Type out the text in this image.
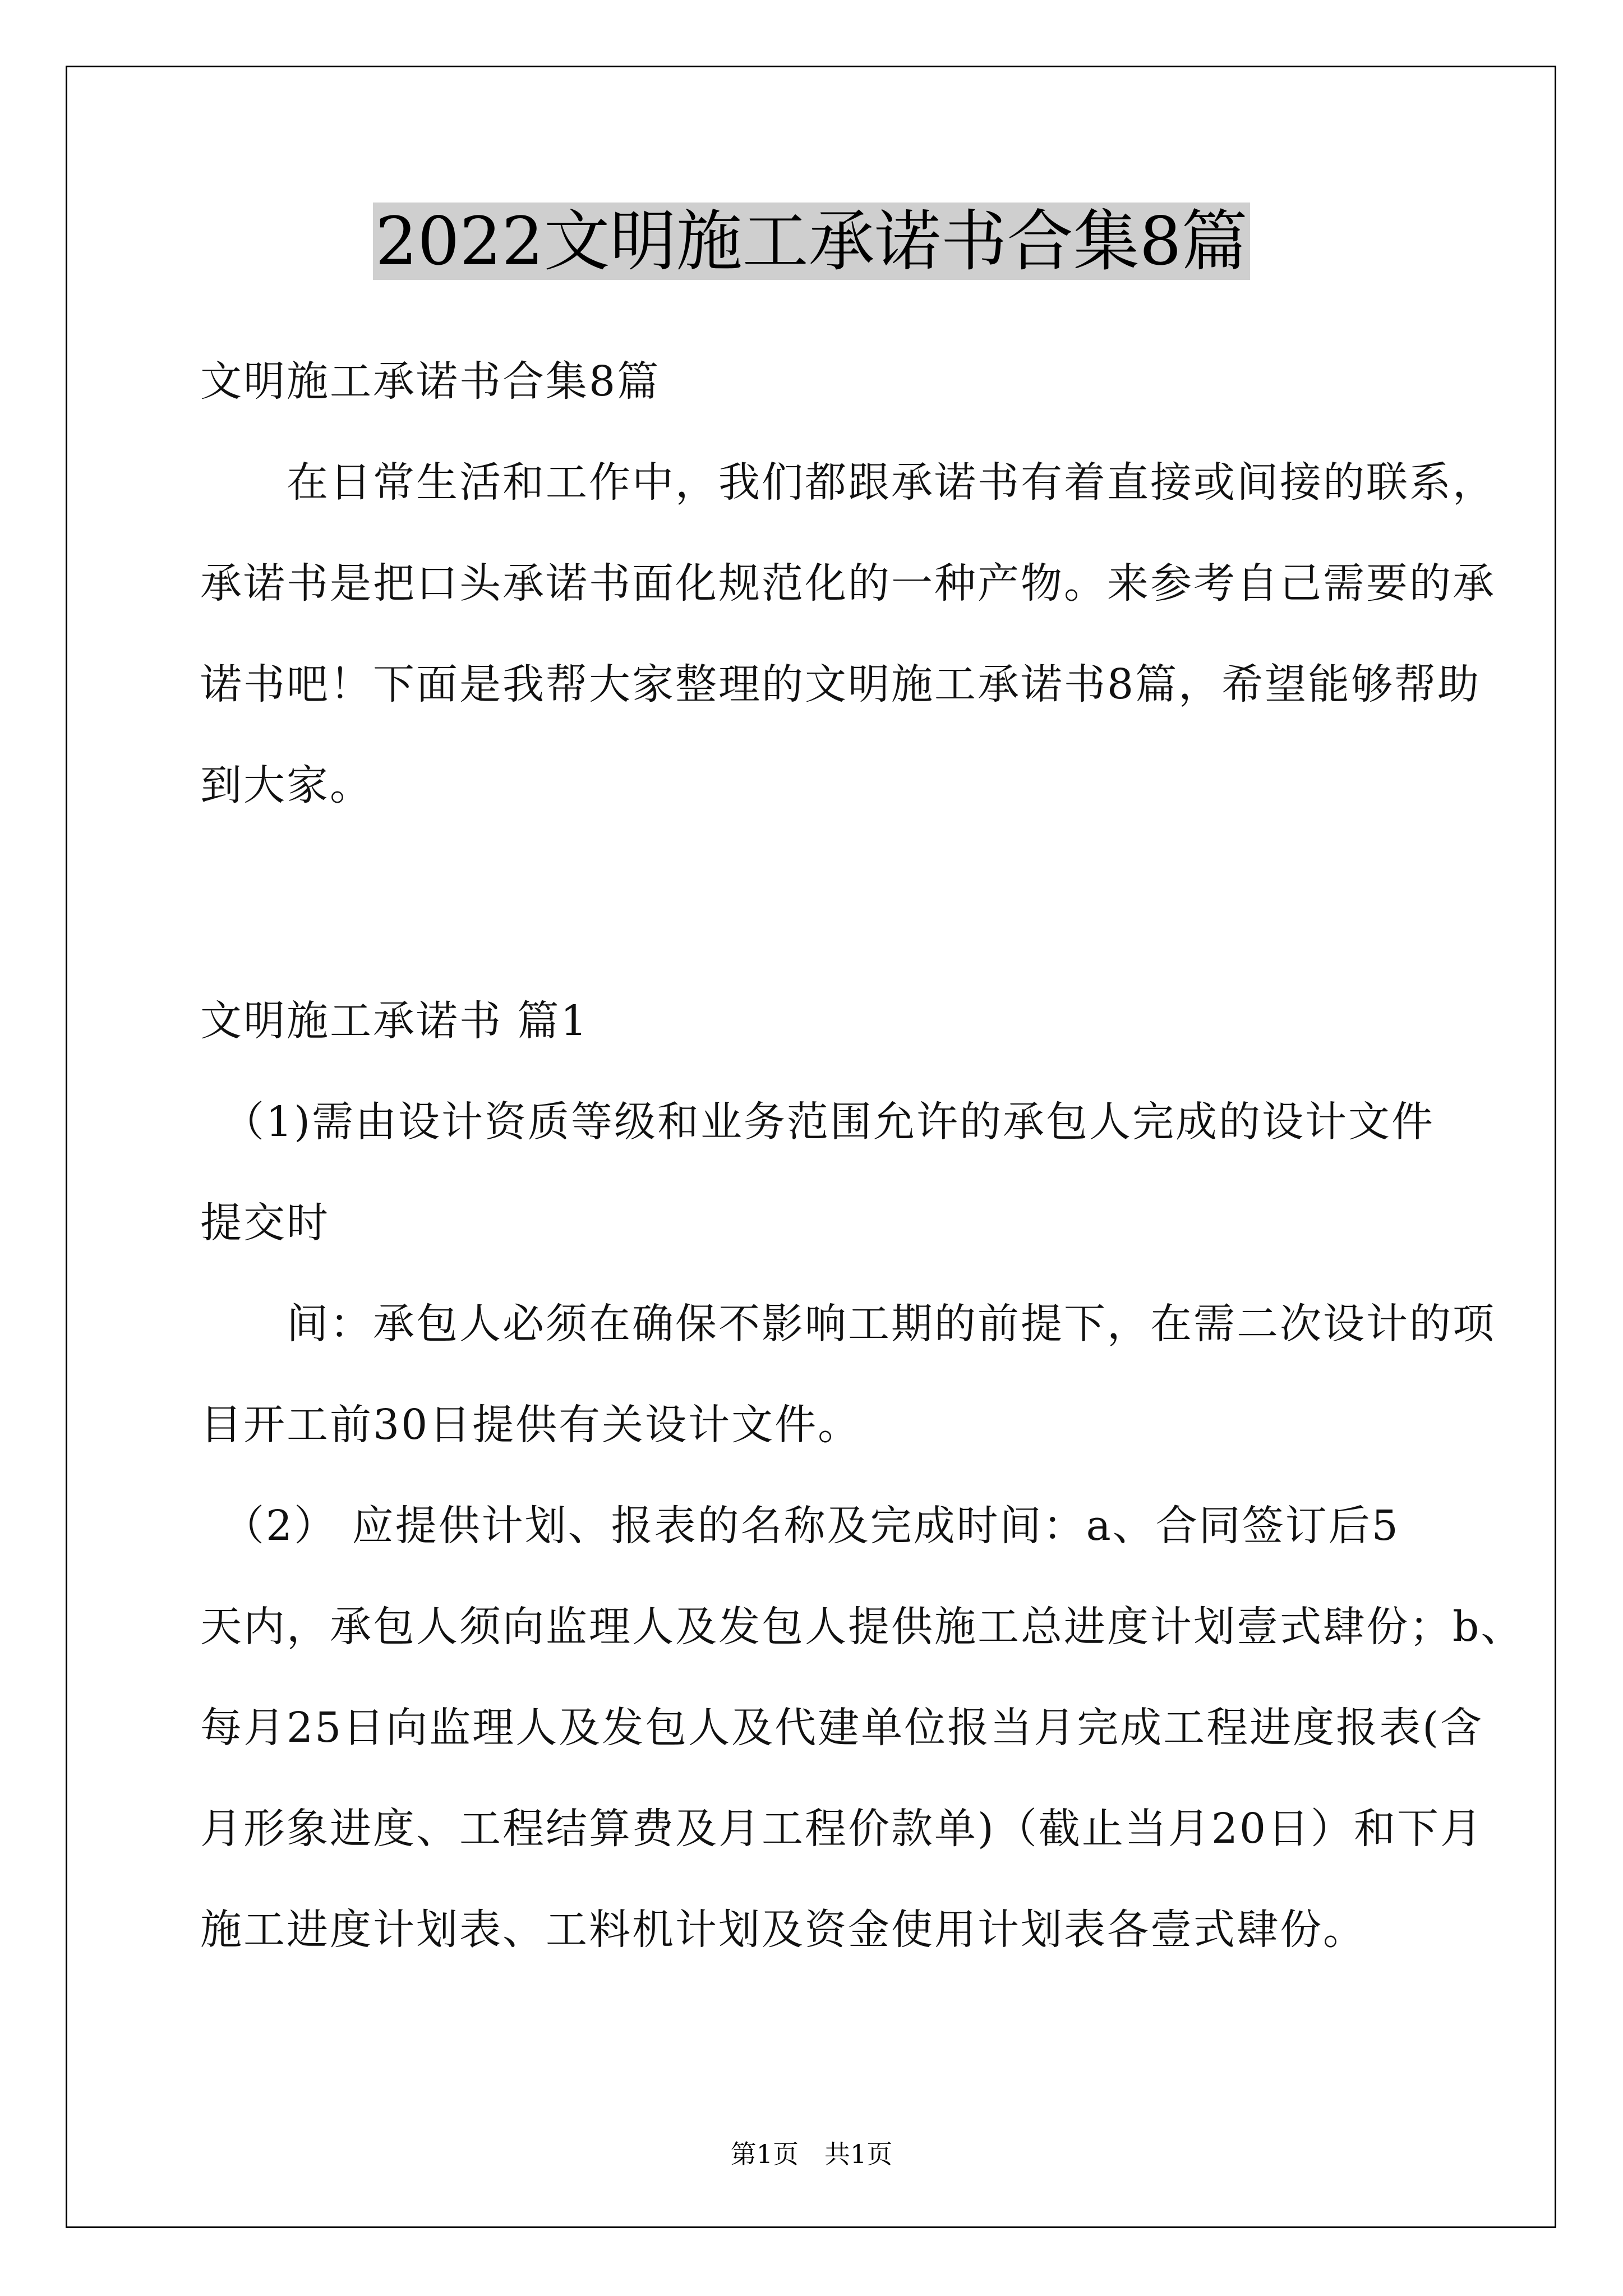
2022文明施工承诺书合集8篇
文明施工承诺书合集8篇
　　在日常生活和工作中，我们都跟承诺书有着直接或间接的联系，
承诺书是把口头承诺书面化规范化的一种产物。来参考自己需要的承
诺书吧！下面是我帮大家整理的文明施工承诺书8篇，希望能够帮助
到大家。
文明施工承诺书 篇1
　（1)需由设计资质等级和业务范围允许的承包人完成的设计文件
提交时
　　间：承包人必须在确保不影响工期的前提下，在需二次设计的项
目开工前30日提供有关设计文件。
　（2） 应提供计划、报表的名称及完成时间：a、合同签订后5
天内，承包人须向监理人及发包人提供施工总进度计划壹式肆份；b、
每月25日向监理人及发包人及代建单位报当月完成工程进度报表(含
月形象进度、工程结算费及月工程价款单)（截止当月20日）和下月
施工进度计划表、工料机计划及资金使用计划表各壹式肆份。
第1页　共1页
